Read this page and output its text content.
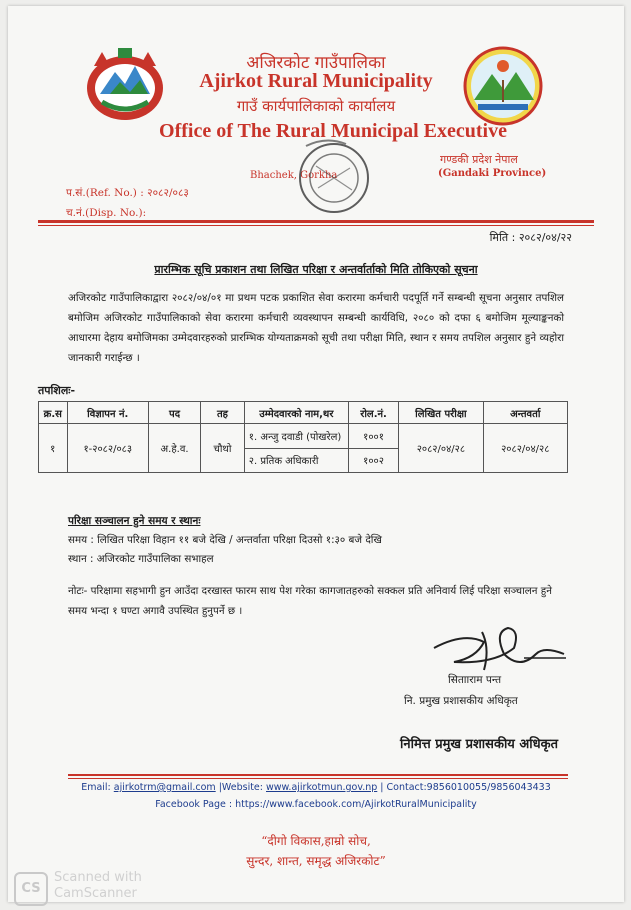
अजिरकोट गाउँपालिका
Ajirkot Rural Municipality
गाउँ कार्यपालिकाको कार्यालय
Office of The Rural Municipal Executive
Bhachek, Gorkha
गण्डकी प्रदेश नेपाल
(Gandaki Province)
प.सं.(Ref. No.) : २०८२/०८३
च.नं.(Disp. No.):
मिति : २०८२/०४/२२
प्रारम्भिक सूचि प्रकाशन तथा लिखित परिक्षा र अन्तर्वार्ताको मिति तोकिएको सूचना
अजिरकोट गाउँपालिकाद्वारा २०८२/०४/०१ मा प्रथम पटक प्रकाशित सेवा करारमा कर्मचारी पदपूर्ति गर्ने सम्बन्धी सूचना अनुसार तपशिल बमोजिम अजिरकोट गाउँपालिकाको सेवा करारमा कर्मचारी व्यवस्थापन सम्बन्धी कार्यविधि, २०८० को दफा ६ बमोजिम मूल्याङ्कनको आधारमा देहाय बमोजिमका उम्मेदवारहरुको प्रारम्भिक योग्यताक्रमको सूची तथा परीक्षा मिति, स्थान र समय तपशिल अनुसार हुने व्यहोरा जानकारी गराईन्छ ।
तपशिलः-
क्र.स	विज्ञापन नं.	पद	तह	उम्मेदवारको नाम,थर	रोल.नं.	लिखित परीक्षा	अन्तवर्ता
१	१-२०८२/०८३	अ.हे.व.	चौथो	१. अन्जु दवाडी (पोखरेल)	१००१	२०८२/०४/२८	२०८२/०४/२८
				२. प्रतिक अधिकारी	१००२		
परिक्षा सञ्चालन हुने समय र स्थानः
समय : लिखित परिक्षा विहान ११ बजे देखि / अन्तर्वाता परिक्षा दिउसो १:३० बजे देखि
स्थान : अजिरकोट गाउँपालिका सभाहल
नोटः- परिक्षामा सहभागी हुन आउँदा दरखास्त फारम साथ पेश गरेका कागजातहरुको सक्कल प्रति अनिवार्य लिई परिक्षा सञ्चालन हुने समय भन्दा १ घण्टा अगावै उपस्थित हुनुपर्ने छ ।
सितााराम पन्त
नि. प्रमुख प्रशासकीय अधिकृत
निमित्त प्रमुख प्रशासकीय अधिकृत
Email: ajirkotrm@gmail.com |Website: www.ajirkotmun.gov.np | Contact:9856010055/9856043433
Facebook Page : https://www.facebook.com/AjirkotRuralMunicipality
“दीगो विकास,हाम्रो सोच,
सुन्दर, शान्त, समृद्ध अजिरकोट”
CS
Scanned with
CamScanner
